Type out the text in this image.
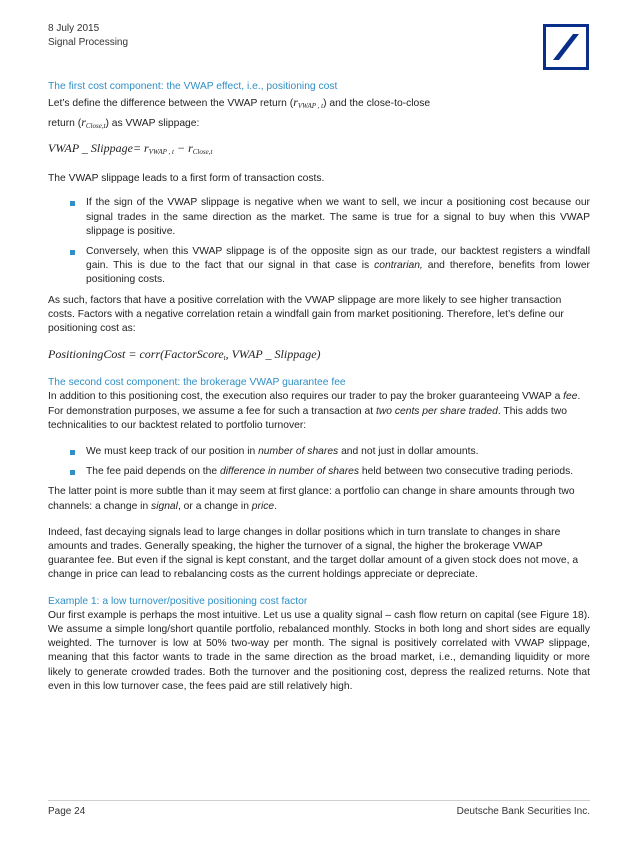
8 July 2015
Signal Processing

The first cost component: the VWAP effect, i.e., positioning cost

Let’s define the difference between the VWAP return $(r_{VWAP , t})$ and the close-to-close
return $(r_{Close,t})$ as VWAP slippage:

VWAP _ Slippage= $r_{VWAP , t} - r_{Close,t}$

The VWAP slippage leads to a first form of transaction costs.

If the sign of the VWAP slippage is negative when we want to sell, we incur a positioning cost because our signal trades in the same direction as the market. The same is true for a signal to buy when this VWAP slippage is positive.
Conversely, when this VWAP slippage is of the opposite sign as our trade, our backtest registers a windfall gain. This is due to the fact that our signal in that case is contrarian, and therefore, benefits from lower positioning costs.

As such, factors that have a positive correlation with the VWAP slippage are more likely to see higher transaction costs. Factors with a negative correlation retain a windfall gain from market positioning. Therefore, let’s define our positioning cost as:

PositioningCost = corr(FactorScore$_t$, VWAP _ Slippage)

The second cost component: the brokerage VWAP guarantee fee

In addition to this positioning cost, the execution also requires our trader to pay the broker guaranteeing VWAP a fee. For demonstration purposes, we assume a fee for such a transaction at two cents per share traded. This adds two technicalities to our backtest related to portfolio turnover:

We must keep track of our position in number of shares and not just in dollar amounts.
The fee paid depends on the difference in number of shares held between two consecutive trading periods.

The latter point is more subtle than it may seem at first glance: a portfolio can change in share amounts through two channels: a change in signal, or a change in price.

Indeed, fast decaying signals lead to large changes in dollar positions which in turn translate to changes in share amounts and trades. Generally speaking, the higher the turnover of a signal, the higher the brokerage VWAP guarantee fee. But even if the signal is kept constant, and the target dollar amount of a given stock does not move, a change in price can lead to rebalancing costs as the current holdings appreciate or depreciate.

Example 1: a low turnover/positive positioning cost factor

Our first example is perhaps the most intuitive. Let us use a quality signal – cash flow return on capital (see Figure 18). We assume a simple long/short quantile portfolio, rebalanced monthly. Stocks in both long and short sides are equally weighted. The turnover is low at 50% two-way per month. The signal is positively correlated with VWAP slippage, meaning that this factor wants to trade in the same direction as the broad market, i.e., demanding liquidity or more likely to generate crowded trades. Both the turnover and the positioning cost, depress the realized returns. Note that even in this low turnover case, the fees paid are still relatively high.

Page 24	Deutsche Bank Securities Inc.
